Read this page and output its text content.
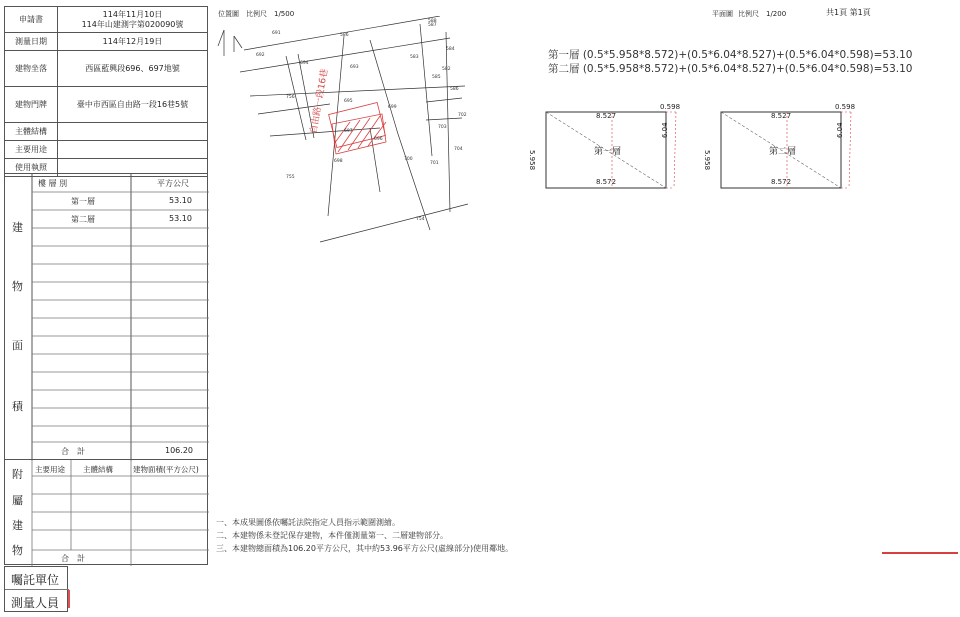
申請書	114年11月10日
114年山建測字第020090號

測量日期	114年12月19日
建物坐落	西區藍興段696、697地號
建物門牌	臺中市西區自由路一段16巷5號
主體結構	
主要用途	
使用執照	
建
物
面
積
樓 層 別	平方公尺
第一層	53.10
第二層	53.10
合　計	106.20
附
屬
建
物
主要用途 主體結構	建物面積(平方公尺)
合　計
囑託單位
測量人員
位置圖 比例尺　1/500
691
692
694
693
586
583
584
587
585
586
695
697
696
698
699
700
701
703
704
702
754
755
756
588
582
自由路一段16巷
平面圖 比例尺　1/200	共1頁 第1頁
第一層 (0.5*5.958*8.572)+(0.5*6.04*8.527)+(0.5*6.04*0.598)=53.10
第二層 (0.5*5.958*8.572)+(0.5*6.04*8.527)+(0.5*6.04*0.598)=53.10
8.527
8.572
0.598
5.958
6.04
第一層
8.527
8.572
0.598
5.958
6.04
第二層
一、本成果圖係依囑託法院指定人員指示範圍測繪。
二、本建物係未登記保存建物，本件僅測量第一、二層建物部分。
三、本建物總面積為106.20平方公尺，其中約53.96平方公尺(虛線部分)使用鄰地。
